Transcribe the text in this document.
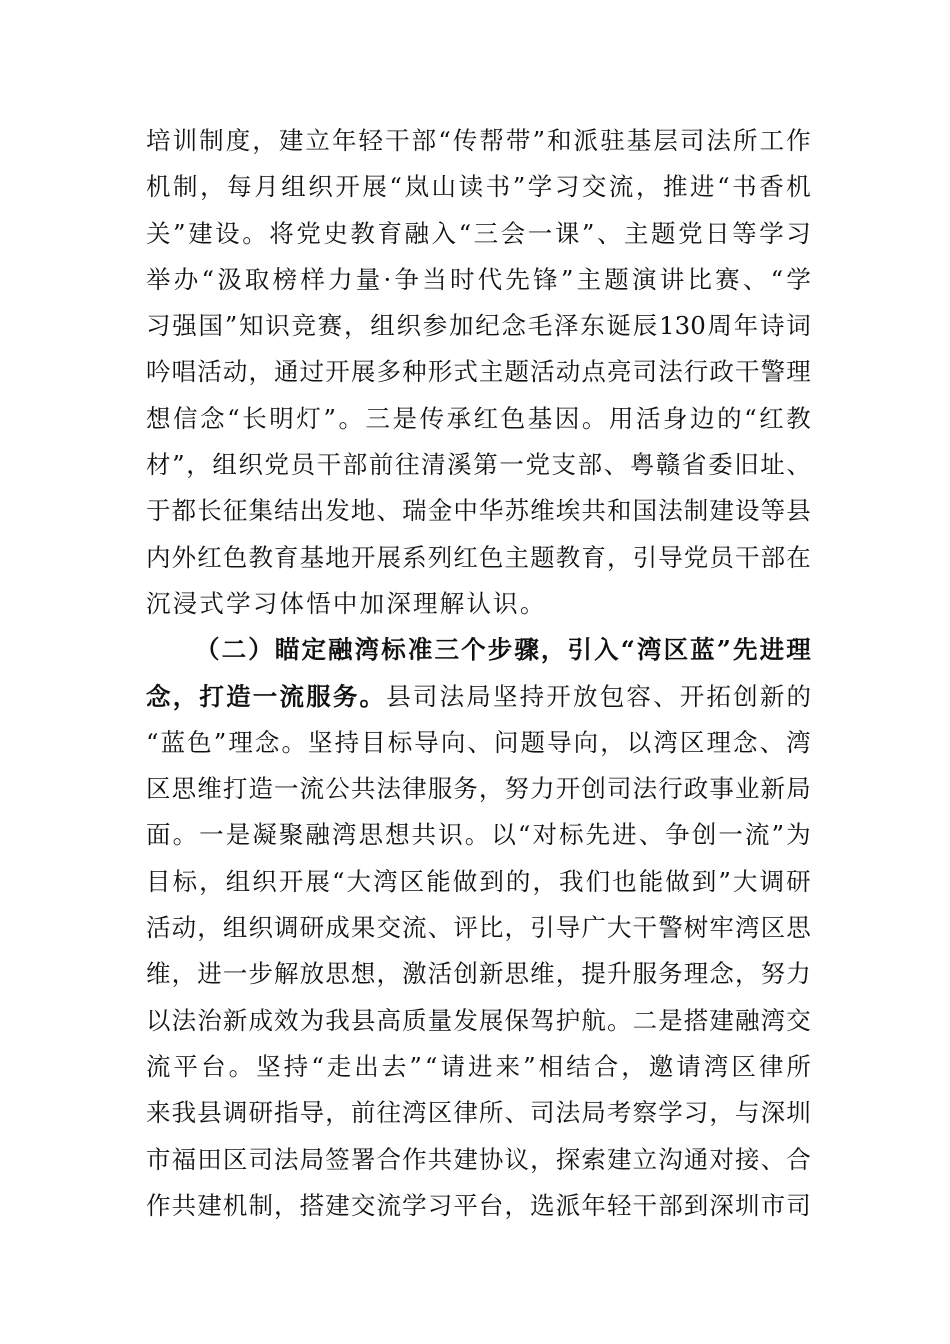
培 训 制 度 ， 建 立 年 轻 干 部 “ 传 帮 带 ” 和 派 驻 基 层 司 法 所 工 作
机 制 ， 每 月 组 织 开 展 “ 岚 山 读 书 ” 学 习 交 流 ， 推 进 “ 书 香 机
关 ” 建 设 。 将 党 史 教 育 融 入 “ 三 会 一 课 ” 、 主 题 党 日 等 学 习
举 办 “ 汲 取 榜 样 力 量 · 争 当 时 代 先 锋 ” 主 题 演 讲 比 赛 、 “ 学
习 强 国 ” 知 识 竞 赛 ， 组 织 参 加 纪 念 毛 泽 东 诞 辰 130 周 年 诗 词
吟 唱 活 动 ， 通 过 开 展 多 种 形 式 主 题 活 动 点 亮 司 法 行 政 干 警 理
想 信 念 “ 长 明 灯 ” 。 三 是 传 承 红 色 基 因 。 用 活 身 边 的 “ 红 教
材 ” ， 组 织 党 员 干 部 前 往 清 溪 第 一 党 支 部 、 粤 赣 省 委 旧 址 、
于 都 长 征 集 结 出 发 地 、 瑞 金 中 华 苏 维 埃 共 和 国 法 制 建 设 等 县
内 外 红 色 教 育 基 地 开 展 系 列 红 色 主 题 教 育 ， 引 导 党 员 干 部 在
沉浸式学习体悟中加深理解认识。
（ 二 ） 瞄 定 融 湾 标 准 三 个 步 骤 ， 引 入 “ 湾 区 蓝 ” 先 进 理
念 ， 打 造 一 流 服 务 。 县 司 法 局 坚 持 开 放 包 容 、 开 拓 创 新 的
“ 蓝 色 ” 理 念 。 坚 持 目 标 导 向 、 问 题 导 向 ， 以 湾 区 理 念 、 湾
区 思 维 打 造 一 流 公 共 法 律 服 务 ， 努 力 开 创 司 法 行 政 事 业 新 局
面 。 一 是 凝 聚 融 湾 思 想 共 识 。 以 “ 对 标 先 进 、 争 创 一 流 ” 为
目 标 ， 组 织 开 展 “ 大 湾 区 能 做 到 的 ， 我 们 也 能 做 到 ” 大 调 研
活 动 ， 组 织 调 研 成 果 交 流 、 评 比 ， 引 导 广 大 干 警 树 牢 湾 区 思
维 ， 进 一 步 解 放 思 想 ， 激 活 创 新 思 维 ， 提 升 服 务 理 念 ， 努 力
以 法 治 新 成 效 为 我 县 高 质 量 发 展 保 驾 护 航 。 二 是 搭 建 融 湾 交
流 平 台 。 坚 持 “ 走 出 去 ” “ 请 进 来 ” 相 结 合 ， 邀 请 湾 区 律 所
来 我 县 调 研 指 导 ， 前 往 湾 区 律 所 、 司 法 局 考 察 学 习 ， 与 深 圳
市 福 田 区 司 法 局 签 署 合 作 共 建 协 议 ， 探 索 建 立 沟 通 对 接 、 合
作 共 建 机 制 ， 搭 建 交 流 学 习 平 台 ， 选 派 年 轻 干 部 到 深 圳 市 司
